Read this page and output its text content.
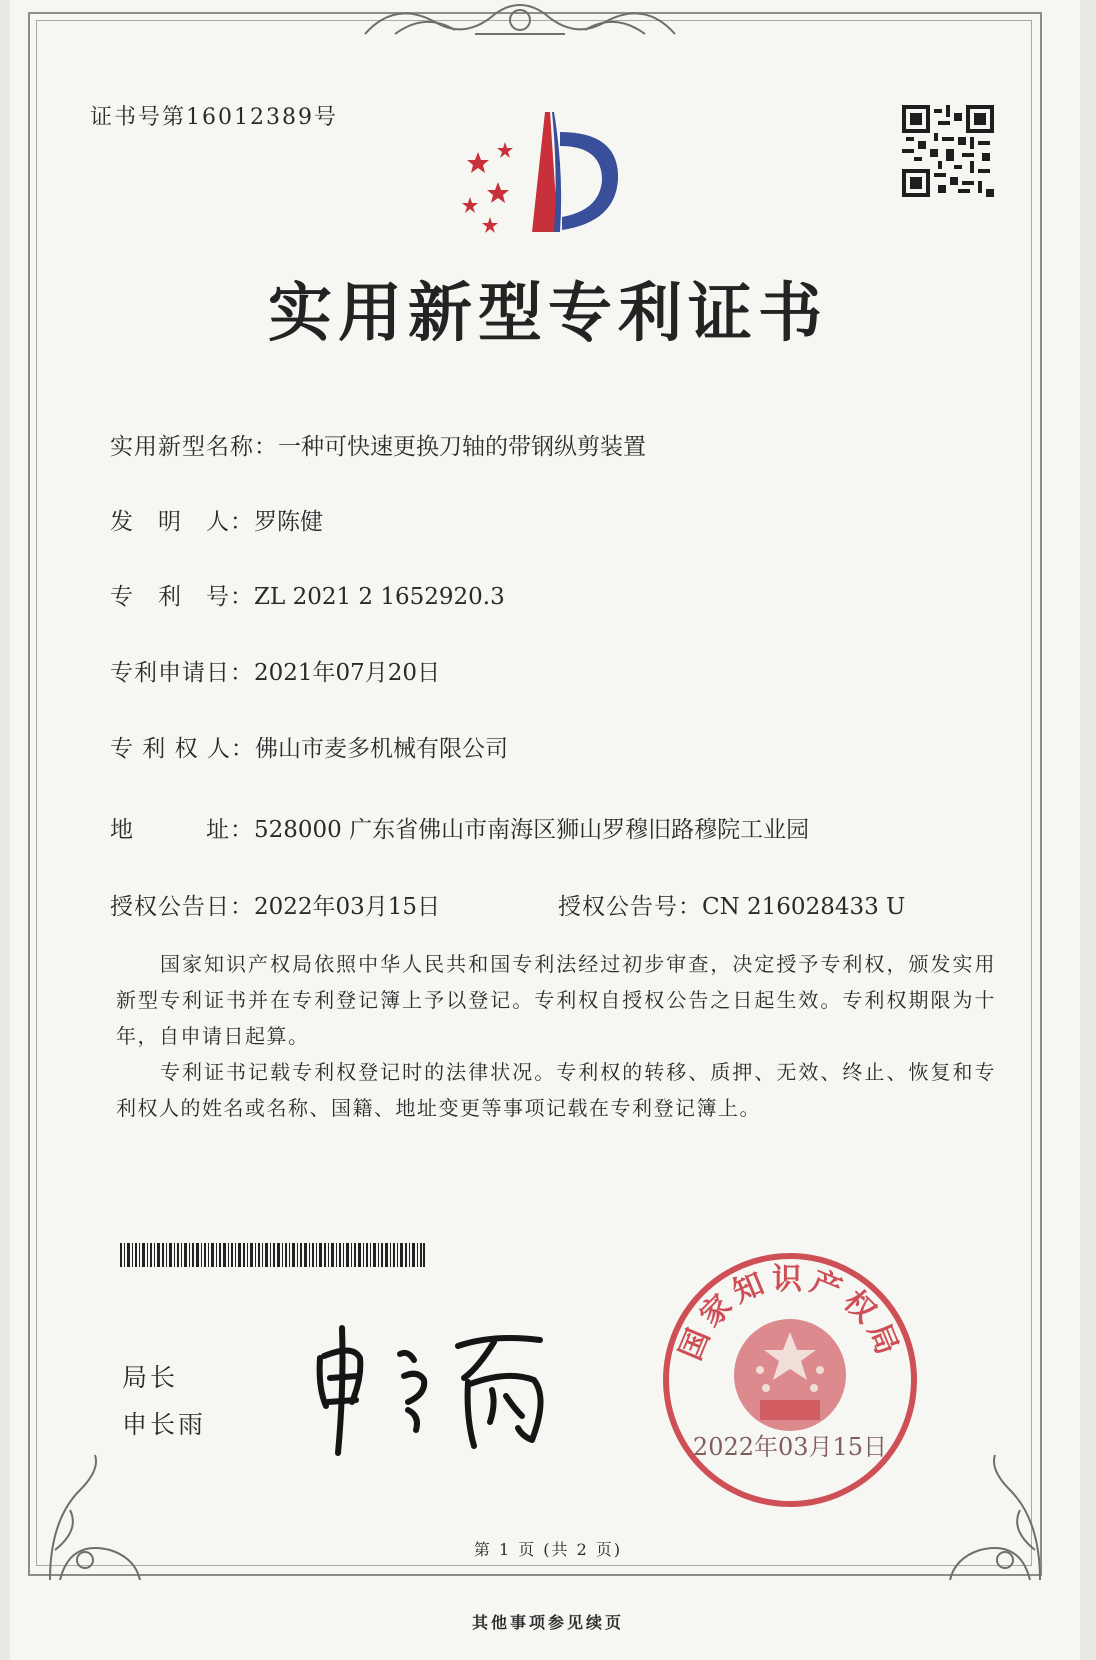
证书号第16012389号
实用新型专利证书
实用新型名称：一种可快速更换刀轴的带钢纵剪装置
发　明　人：罗陈健
专　利　号：ZL 2021 2 1652920.3
专利申请日：2021年07月20日
专 利 权 人：佛山市麦多机械有限公司
地　　　址：528000 广东省佛山市南海区狮山罗穆旧路穆院工业园
授权公告日：2022年03月15日	授权公告号：CN 216028433 U
国家知识产权局依照中华人民共和国专利法经过初步审查，决定授予专利权，颁发实用新型专利证书并在专利登记簿上予以登记。专利权自授权公告之日起生效。专利权期限为十年，自申请日起算。
专利证书记载专利权登记时的法律状况。专利权的转移、质押、无效、终止、恢复和专利权人的姓名或名称、国籍、地址变更等事项记载在专利登记簿上。
局长
申长雨
国家知识产权局
2022年03月15日
第 1 页 (共 2 页)
其他事项参见续页
